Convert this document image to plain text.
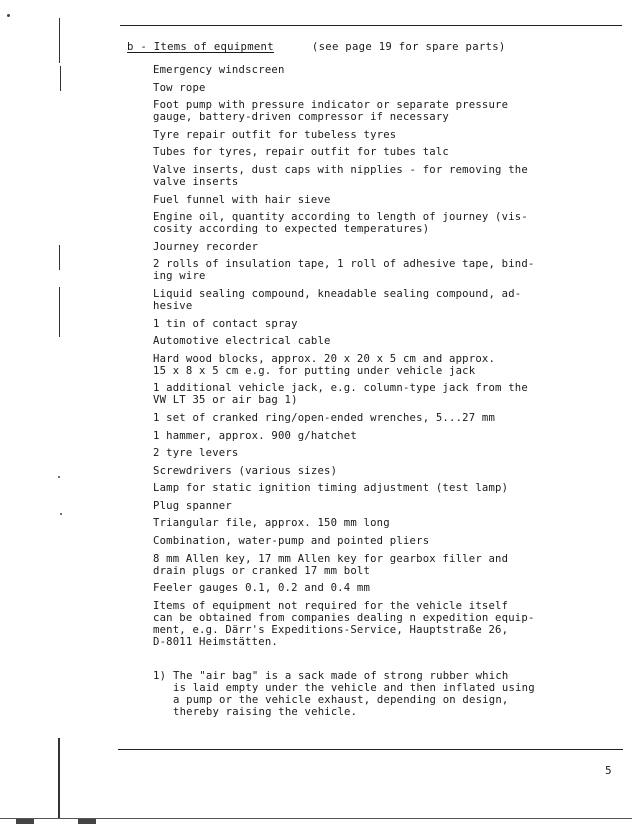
b - Items of equipment	(see page 19 for spare parts)
Emergency windscreen
Tow rope
Foot pump with pressure indicator or separate pressure
gauge, battery-driven compressor if necessary
Tyre repair outfit for tubeless tyres
Tubes for tyres, repair outfit for tubes talc
Valve inserts, dust caps with nipplies - for removing the
valve inserts
Fuel funnel with hair sieve
Engine oil, quantity according to length of journey (vis-
cosity according to expected temperatures)
Journey recorder
2 rolls of insulation tape, 1 roll of adhesive tape, bind-
ing wire
Liquid sealing compound, kneadable sealing compound, ad-
hesive
1 tin of contact spray
Automotive electrical cable
Hard wood blocks, approx. 20 x 20 x 5 cm and approx.
15 x 8 x 5 cm e.g. for putting under vehicle jack
1 additional vehicle jack, e.g. column-type jack from the
VW LT 35 or air bag 1)
1 set of cranked ring/open-ended wrenches, 5...27 mm
1 hammer, approx. 900 g/hatchet
2 tyre levers
Screwdrivers (various sizes)
Lamp for static ignition timing adjustment (test lamp)
Plug spanner
Triangular file, approx. 150 mm long
Combination, water-pump and pointed pliers
8 mm Allen key, 17 mm Allen key for gearbox filler and
drain plugs or cranked 17 mm bolt
Feeler gauges 0.1, 0.2 and 0.4 mm
Items of equipment not required for the vehicle itself
can be obtained from companies dealing n expedition equip-
ment, e.g. Därr's Expeditions-Service, Hauptstraße 26,
D-8011 Heimstätten.
1) The "air bag" is a sack made of strong rubber which
is laid empty under the vehicle and then inflated using
a pump or the vehicle exhaust, depending on design,
thereby raising the vehicle.
5
